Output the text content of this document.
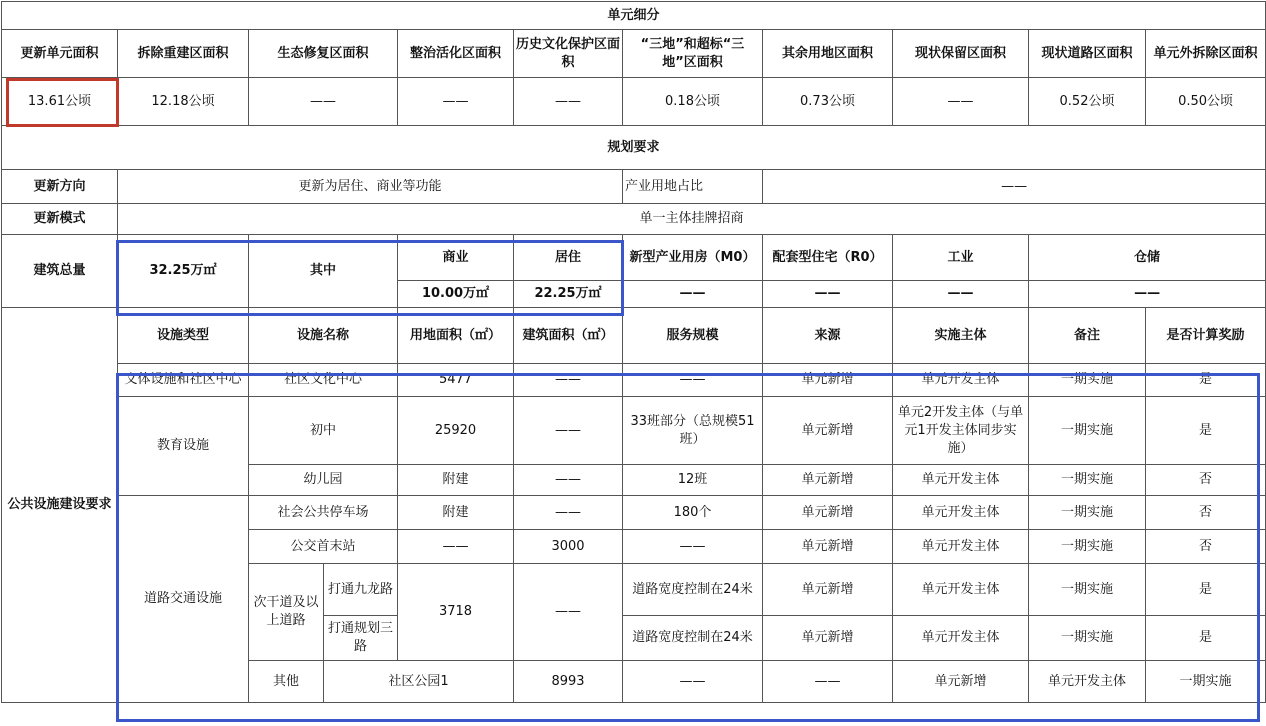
单元细分											
更新单元面积	拆除重建区面积	生态修复区面积		整治活化区面积	历史文化保护区面积	“三地”和超标“三地”区面积	其余用地区面积	现状保留区面积	现状道路区面积	单元外拆除区面积	
13.61公顷	12.18公顷	——		——	——	0.18公顷	0.73公顷	——	0.52公顷	0.50公顷	
规划要求											
更新方向	更新为居住、商业等功能					产业用地占比	——				
更新模式	单一主体挂牌招商										
建筑总量	32.25万㎡	其中		商业	居住	新型产业用房（M0）	配套型住宅（R0）	工业	仓储		
				10.00万㎡	22.25万㎡	——	——	——	——		
公共设施建设要求	设施类型	设施名称		用地面积（㎡）	建筑面积（㎡）	服务规模	来源	实施主体	备注	是否计算奖励	
	文体设施和社区中心	社区文化中心		5477	——	——	单元新增	单元开发主体	一期实施	是	
	教育设施	初中		25920	——	33班部分（总规模51班）	单元新增	单元2开发主体（与单元1开发主体同步实施）	一期实施	是	
		幼儿园		附建	——	12班	单元新增	单元开发主体	一期实施	否	
	道路交通设施	社会公共停车场		附建	——	180个	单元新增	单元开发主体	一期实施	否	
		公交首末站		——	3000	——	单元新增	单元开发主体	一期实施	否	
		次干道及以上道路	打通九龙路	3718	——	道路宽度控制在24米	单元新增	单元开发主体	一期实施	是	
			打通规划三路			道路宽度控制在24米	单元新增	单元开发主体	一期实施	是	
		其他	社区公园1		8993	——	——	单元新增	单元开发主体	一期实施	
